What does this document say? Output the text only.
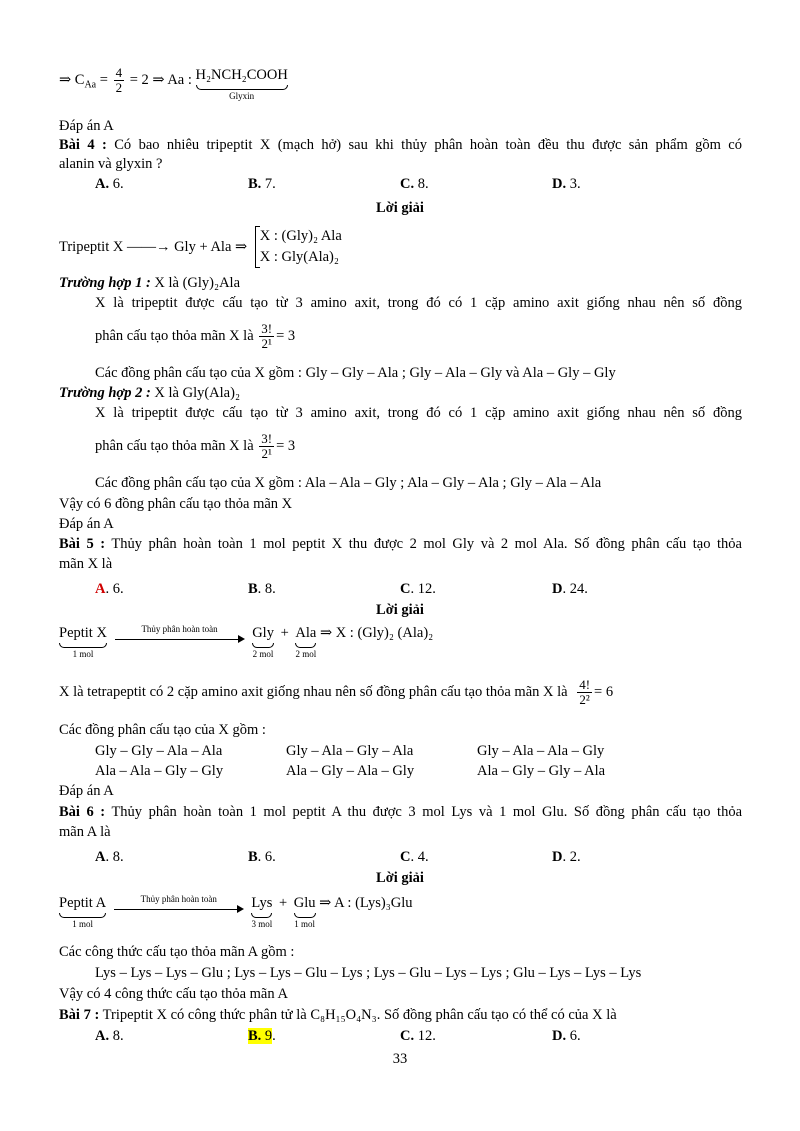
⇒ $C_{Aa} = \frac{4}{2} = 2$ ⇒ Aa : H₂NCH₂COOH
Glyxin
Đáp án A
Bài 4 : Có bao nhiêu tripeptit X (mạch hở) sau khi thủy phân hoàn toàn đều thu được sản phẩm gồm có
alanin và glyxin ?
A. 6.	B. 7.	C. 8.	D. 3.
Lời giải
Tripeptit X ——→ Gly + Ala ⇒
X : (Gly)₂ Ala
X : Gly(Ala)₂
Trường hợp 1 : X là (Gly)₂Ala
X là tripeptit được cấu tạo từ 3 amino axit, trong đó có 1 cặp amino axit giống nhau nên số đồng
phân cấu tạo thỏa mãn X là $\frac{3!}{\text{2¹}} = 3$
Các đồng phân cấu tạo của X gồm : Gly – Gly – Ala ; Gly – Ala – Gly và Ala – Gly – Gly
Trường hợp 2 : X là Gly(Ala)₂
X là tripeptit được cấu tạo từ 3 amino axit, trong đó có 1 cặp amino axit giống nhau nên số đồng
phân cấu tạo thỏa mãn X là $\frac{3!}{\text{2¹}} = 3$
Các đồng phân cấu tạo của X gồm : Ala – Ala – Gly ; Ala – Gly – Ala ; Gly – Ala – Ala
Vậy có 6 đồng phân cấu tạo thỏa mãn X
Đáp án A
Bài 5 : Thủy phân hoàn toàn 1 mol peptit X thu được 2 mol Gly và 2 mol Ala. Số đồng phân cấu tạo thỏa
mãn X là
A. 6.	B. 8.	C. 12.	D. 24.
Lời giải
Peptit X
1 mol
Thủy phân hoàn toàn Gly
2 mol
+ Ala
2 mol
⇒ X : (Gly)₂ (Ala)₂
X là tetrapeptit có 2 cặp amino axit giống nhau nên số đồng phân cấu tạo thỏa mãn X là $\frac{4!}{\text{2²}} = 6$
Các đồng phân cấu tạo của X gồm :
Gly – Gly – Ala – Ala	Gly – Ala – Gly – Ala	Gly – Ala – Ala – Gly
Ala – Ala – Gly – Gly	Ala – Gly – Ala – Gly	Ala – Gly – Gly – Ala
Đáp án A
Bài 6 : Thủy phân hoàn toàn 1 mol peptit A thu được 3 mol Lys và 1 mol Glu. Số đồng phân cấu tạo thỏa
mãn A là
A. 8.	B. 6.	C. 4.	D. 2.
Lời giải
Peptit A
1 mol
Thủy phân hoàn toàn Lys
3 mol
+ Glu
1 mol
⇒ A : (Lys)₃Glu
Các công thức cấu tạo thỏa mãn A gồm :
Lys – Lys – Lys – Glu ; Lys – Lys – Glu – Lys ; Lys – Glu – Lys – Lys ; Glu – Lys – Lys – Lys
Vậy có 4 công thức cấu tạo thỏa mãn A
Bài 7 : Tripeptit X có công thức phân tử là C₈H₁₅O₄N₃. Số đồng phân cấu tạo có thể có của X là
A. 8.	B. 9.	C. 12.	D. 6.
33
